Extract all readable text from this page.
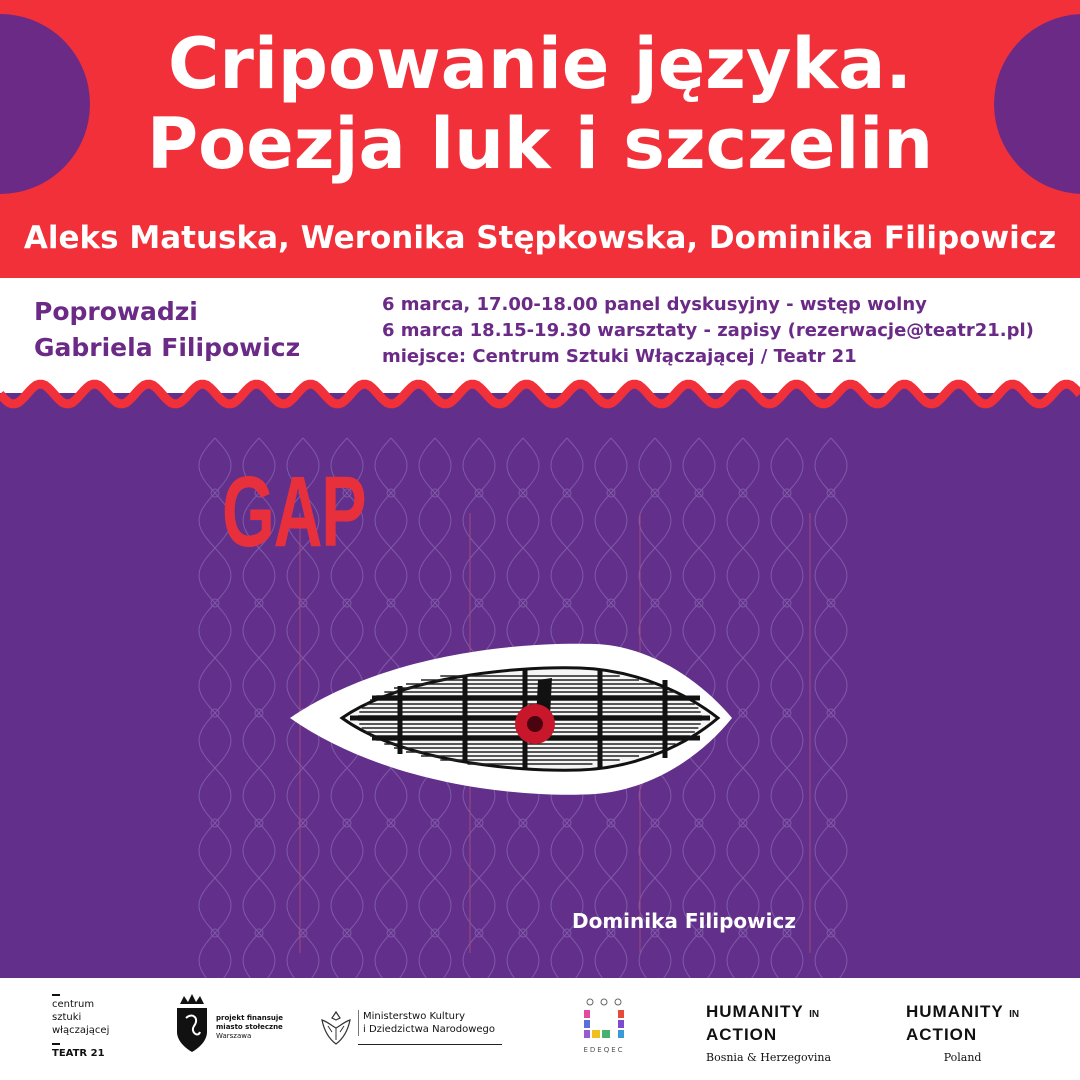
Cripowanie języka.
Poezja luk i szczelin
Aleks Matuska, Weronika Stępkowska, Dominika Filipowicz
Poprowadzi
Gabriela Filipowicz
6 marca, 17.00-18.00 panel dyskusyjny - wstęp wolny
6 marca 18.15-19.30 warsztaty - zapisy (rezerwacje@teatr21.pl)
miejsce: Centrum Sztuki Włączającej / Teatr 21
GAP
Dominika Filipowicz
centrum
sztuki
włączającej
TEATR 21
projekt finansuje
miasto stołeczne
Warszawa
Ministerstwo Kultury
i Dziedzictwa Narodowego
EDEQEC
HUMANITY IN
ACTION
Bosnia & Herzegovina
HUMANITY IN
ACTION
Poland
